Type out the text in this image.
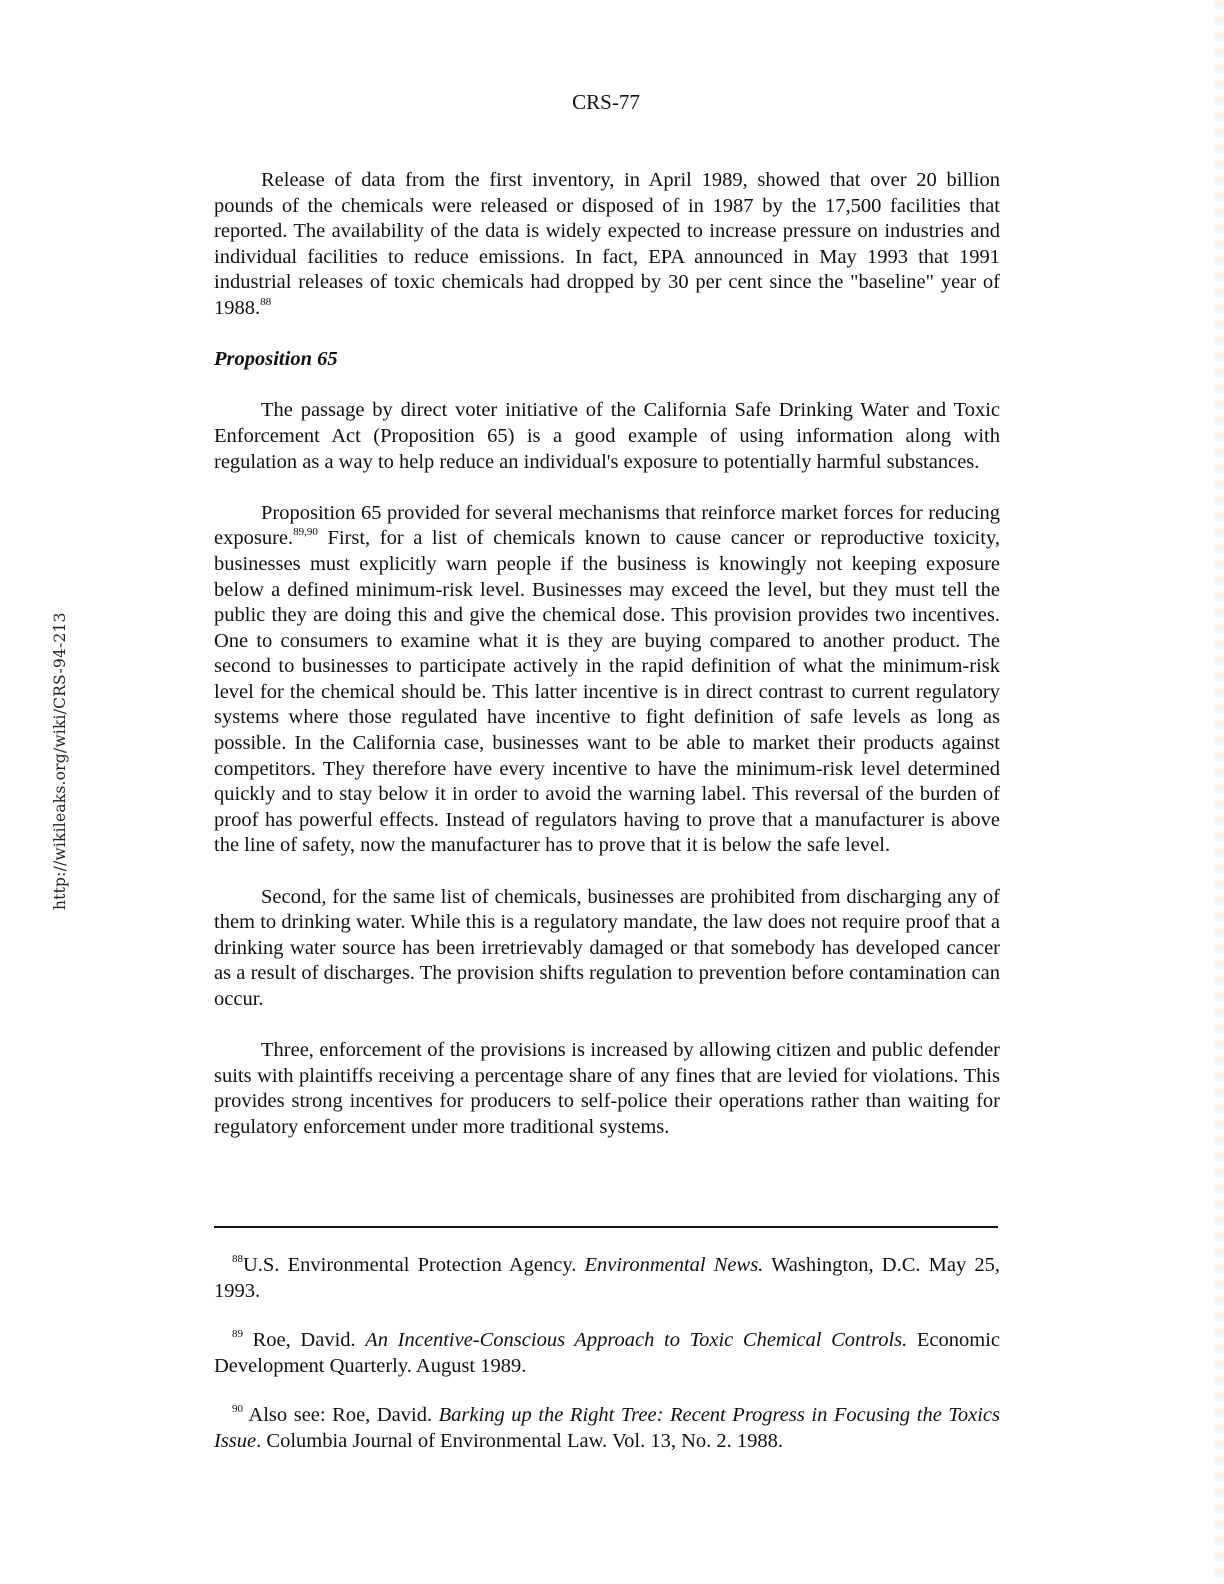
http://wikileaks.org/wiki/CRS-94-213
CRS-77

Release of data from the first inventory, in April 1989, showed that over 20 billion pounds of the chemicals were released or disposed of in 1987 by the 17,500 facilities that reported. The availability of the data is widely expected to increase pressure on industries and individual facilities to reduce emissions. In fact, EPA announced in May 1993 that 1991 industrial releases of toxic chemicals had dropped by 30 per cent since the "baseline" year of 1988.88

Proposition 65

The passage by direct voter initiative of the California Safe Drinking Water and Toxic Enforcement Act (Proposition 65) is a good example of using information along with regulation as a way to help reduce an individual's exposure to potentially harmful substances.

Proposition 65 provided for several mechanisms that reinforce market forces for reducing exposure.$^{89,90}$ First, for a list of chemicals known to cause cancer or reproductive toxicity, businesses must explicitly warn people if the business is knowingly not keeping exposure below a defined minimum-risk level. Businesses may exceed the level, but they must tell the public they are doing this and give the chemical dose. This provision provides two incentives. One to consumers to examine what it is they are buying compared to another product. The second to businesses to participate actively in the rapid definition of what the minimum-risk level for the chemical should be. This latter incentive is in direct contrast to current regulatory systems where those regulated have incentive to fight definition of safe levels as long as possible. In the California case, businesses want to be able to market their products against competitors. They therefore have every incentive to have the minimum-risk level determined quickly and to stay below it in order to avoid the warning label. This reversal of the burden of proof has powerful effects. Instead of regulators having to prove that a manufacturer is above the line of safety, now the manufacturer has to prove that it is below the safe level.

Second, for the same list of chemicals, businesses are prohibited from discharging any of them to drinking water. While this is a regulatory mandate, the law does not require proof that a drinking water source has been irretrievably damaged or that somebody has developed cancer as a result of discharges. The provision shifts regulation to prevention before contamination can occur.

Three, enforcement of the provisions is increased by allowing citizen and public defender suits with plaintiffs receiving a percentage share of any fines that are levied for violations. This provides strong incentives for producers to self-police their operations rather than waiting for regulatory enforcement under more traditional systems.

$^{88}$U.S. Environmental Protection Agency. Environmental News. Washington, D.C. May 25, 1993.

$^{89}$ Roe, David. An Incentive-Conscious Approach to Toxic Chemical Controls. Economic Development Quarterly. August 1989.

$^{90}$ Also see: Roe, David. Barking up the Right Tree: Recent Progress in Focusing the Toxics Issue. Columbia Journal of Environmental Law. Vol. 13, No. 2. 1988.
